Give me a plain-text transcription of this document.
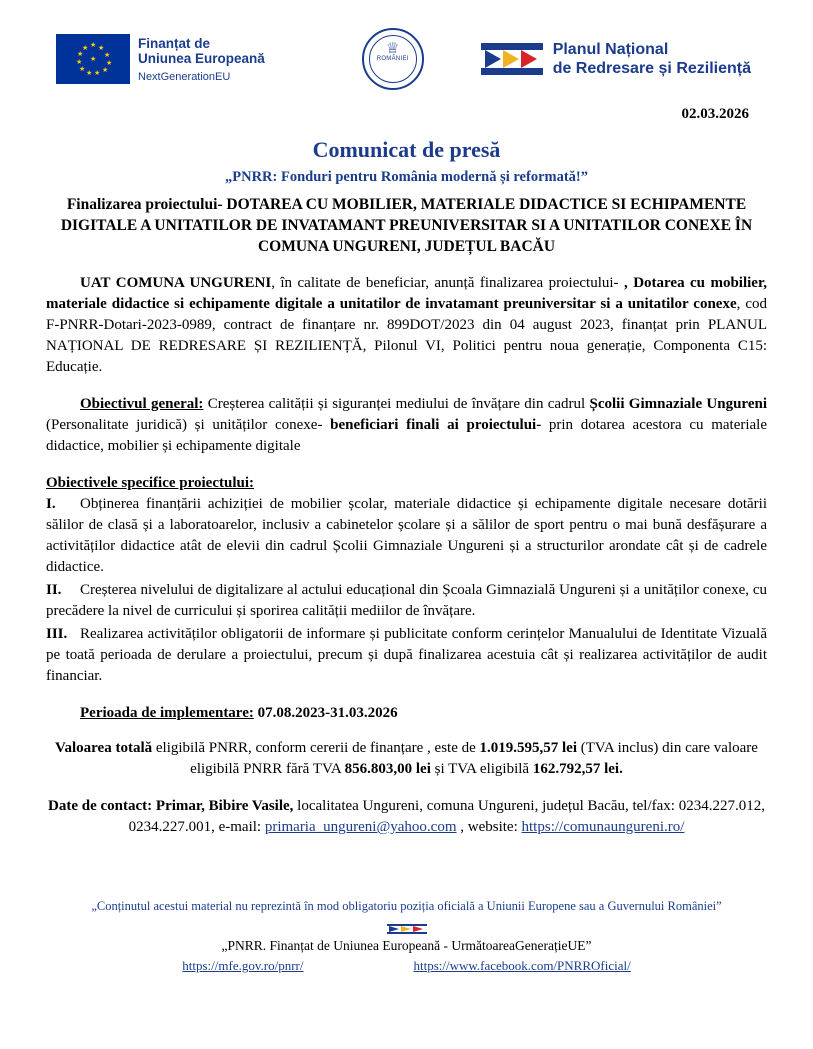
★ ★
★
★
★
★
★
★
★
★
★
★
Finanțat de
Uniunea Europeană
NextGenerationEU
♕
ROMÂNIEI
Planul Național
de Redresare și Reziliență
02.03.2026
Comunicat de presă
„PNRR: Fonduri pentru România modernă și reformată!”
Finalizarea proiectului- DOTAREA CU MOBILIER, MATERIALE DIDACTICE SI ECHIPAMENTE DIGITALE A UNITATILOR DE INVATAMANT PREUNIVERSITAR SI A UNITATILOR CONEXE ÎN COMUNA UNGURENI, JUDEȚUL BACĂU

UAT COMUNA UNGURENI, în calitate de beneficiar, anunță finalizarea proiectului- , Dotarea cu mobilier, materiale didactice si echipamente digitale a unitatilor de invatamant preuniversitar si a unitatilor conexe, cod F-PNRR-Dotari-2023-0989, contract de finanțare nr. 899DOT/2023 din 04 august 2023, finanțat prin PLANUL NAȚIONAL DE REDRESARE ȘI REZILIENȚĂ, Pilonul VI, Politici pentru noua generație, Componenta C15: Educație.

Obiectivul general: Creșterea calității și siguranței mediului de învățare din cadrul Școlii Gimnaziale Ungureni (Personalitate juridică) și unităților conexe- beneficiari finali ai proiectului- prin dotarea acestora cu materiale didactice, mobilier și echipamente digitale

Obiectivele specifice proiectului:

I. Obținerea finanțării achiziției de mobilier școlar, materiale didactice și echipamente digitale necesare dotării sălilor de clasă și a laboratoarelor, inclusiv a cabinetelor școlare și a sălilor de sport pentru o mai bună desfășurare a activităților didactice atât de elevii din cadrul Școlii Gimnaziale Ungureni și a structurilor arondate cât și de cadrele didactice.

II. Creșterea nivelului de digitalizare al actului educațional din Școala Gimnazială Ungureni și a unităților conexe, cu precădere la nivel de curricului și sporirea calității mediilor de învățare.

III. Realizarea activităților obligatorii de informare și publicitate conform cerințelor Manualului de Identitate Vizuală pe toată perioada de derulare a proiectului, precum și după finalizarea acestuia cât și realizarea activităților de audit financiar.

Perioada de implementare: 07.08.2023-31.03.2026

Valoarea totală eligibilă PNRR, conform cererii de finanțare , este de 1.019.595,57 lei (TVA inclus) din care valoare eligibilă PNRR fără TVA 856.803,00 lei și TVA eligibilă 162.792,57 lei.

Date de contact: Primar, Bibire Vasile, localitatea Ungureni, comuna Ungureni, județul Bacău, tel/fax: 0234.227.012, 0234.227.001, e-mail: primaria_ungureni@yahoo.com , website: https://comunaungureni.ro/

„Conținutul acestui material nu reprezintă în mod obligatoriu poziția oficială a Uniunii Europene sau a Guvernului României”
„PNRR. Finanțat de Uniunea Europeană - UrmătoareaGenerațieUE”
https://mfe.gov.ro/pnrr/	https://www.facebook.com/PNRROficial/
